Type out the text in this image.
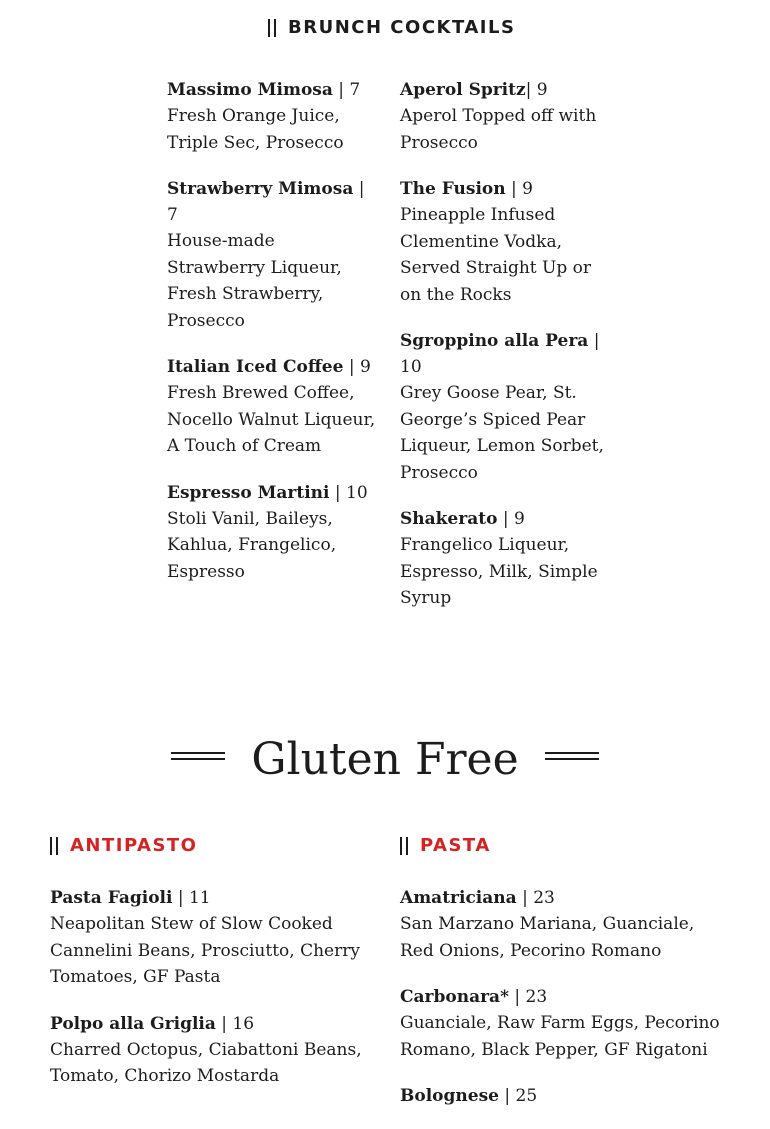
BRUNCH COCKTAILS
Massimo Mimosa | 7
Fresh Orange Juice, Triple Sec, Prosecco
Strawberry Mimosa | 7
House-made Strawberry Liqueur, Fresh Strawberry, Prosecco
Italian Iced Coffee | 9
Fresh Brewed Coffee, Nocello Walnut Liqueur, A Touch of Cream
Espresso Martini | 10
Stoli Vanil, Baileys, Kahlua, Frangelico, Espresso
Aperol Spritz| 9
Aperol Topped off with Prosecco
The Fusion | 9
Pineapple Infused Clementine Vodka, Served Straight Up or on the Rocks
Sgroppino alla Pera | 10
Grey Goose Pear, St. George’s Spiced Pear Liqueur, Lemon Sorbet, Prosecco
Shakerato | 9
Frangelico Liqueur, Espresso, Milk, Simple Syrup
Gluten Free
ANTIPASTO	PASTA
Pasta Fagioli | 11
Neapolitan Stew of Slow Cooked Cannelini Beans, Prosciutto, Cherry Tomatoes, GF Pasta
Polpo alla Griglia | 16
Charred Octopus, Ciabattoni Beans, Tomato, Chorizo Mostarda
Amatriciana | 23
San Marzano Mariana, Guanciale, Red Onions, Pecorino Romano
Carbonara* | 23
Guanciale, Raw Farm Eggs, Pecorino Romano, Black Pepper, GF Rigatoni
Bolognese | 25
